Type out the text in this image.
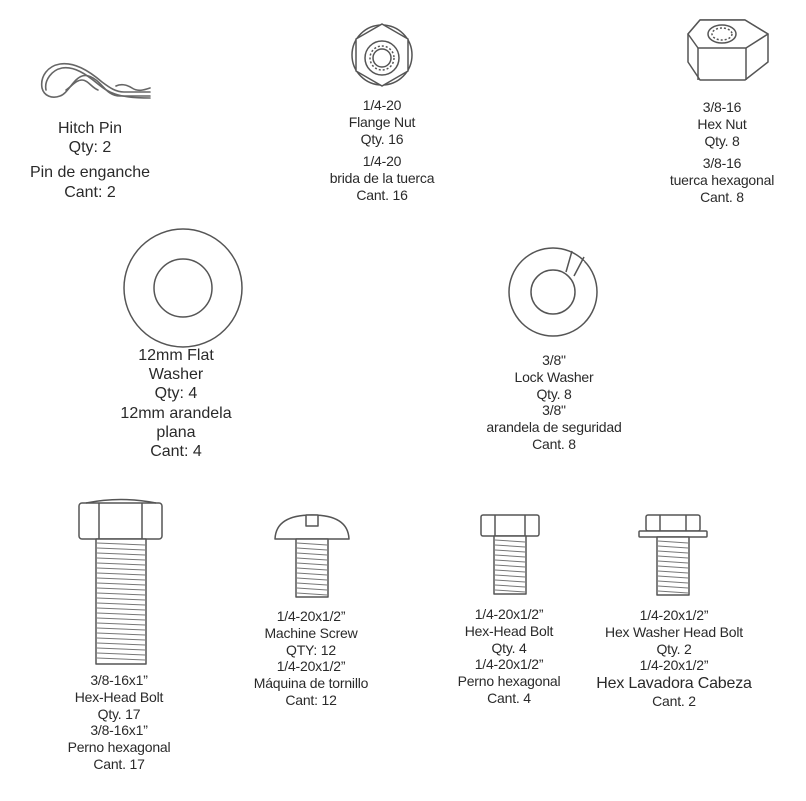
Hitch Pin
Qty: 2
Pin de enganche
Cant: 2
1/4-20
Flange Nut
Qty. 16
1/4-20
brida de la tuerca
Cant. 16
3/8-16
Hex Nut
Qty. 8
3/8-16
tuerca hexagonal
Cant. 8
12mm Flat
Washer
Qty: 4
12mm arandela
plana
Cant: 4
3/8"
Lock Washer
Qty. 8
3/8"
arandela de seguridad
Cant. 8
3/8-16x1”
Hex-Head Bolt
Qty. 17
3/8-16x1”
Perno hexagonal
Cant. 17
1/4-20x1/2”
Machine Screw
QTY: 12
1/4-20x1/2”
Máquina de tornillo
Cant: 12
1/4-20x1/2”
Hex-Head Bolt
Qty. 4
1/4-20x1/2”
Perno hexagonal
Cant. 4
1/4-20x1/2”
Hex Washer Head Bolt
Qty. 2
1/4-20x1/2”
Hex Lavadora Cabeza
Cant. 2
